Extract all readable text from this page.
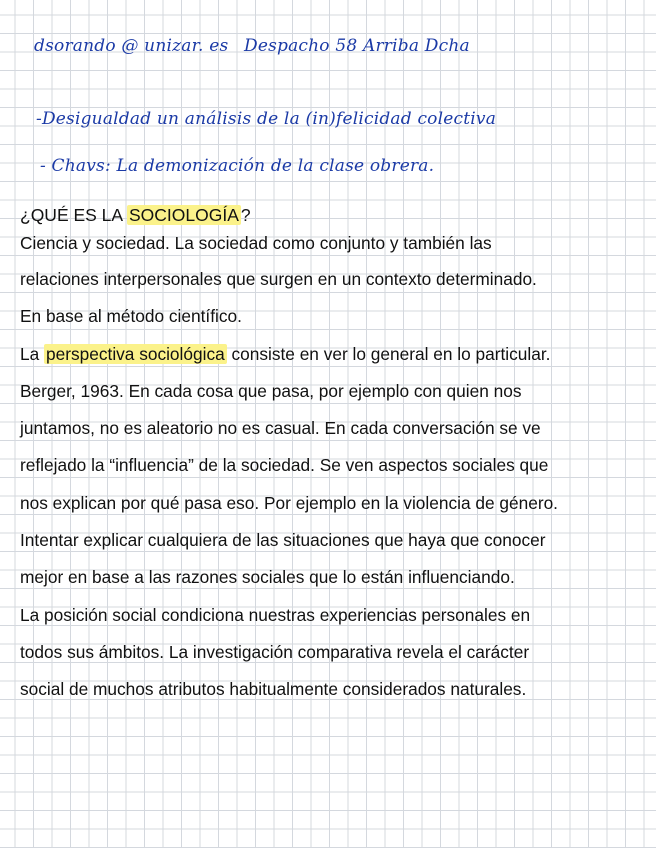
dsorando @ unizar. es Despacho 58 Arriba Dcha
-Desigualdad un análisis de la (in)felicidad colectiva
- Chavs: La demonización de la clase obrera.
¿QUÉ ES LA SOCIOLOGÍA ?
Ciencia y sociedad. La sociedad como conjunto y también las
relaciones interpersonales que surgen en un contexto determinado.
En base al método científico.
La perspectiva sociológica consiste en ver lo general en lo particular.
Berger, 1963. En cada cosa que pasa, por ejemplo con quien nos
juntamos, no es aleatorio no es casual. En cada conversación se ve
reflejado la “influencia” de la sociedad. Se ven aspectos sociales que
nos explican por qué pasa eso. Por ejemplo en la violencia de género.
Intentar explicar cualquiera de las situaciones que haya que conocer
mejor en base a las razones sociales que lo están influenciando.
La posición social condiciona nuestras experiencias personales en
todos sus ámbitos. La investigación comparativa revela el carácter
social de muchos atributos habitualmente considerados naturales.
